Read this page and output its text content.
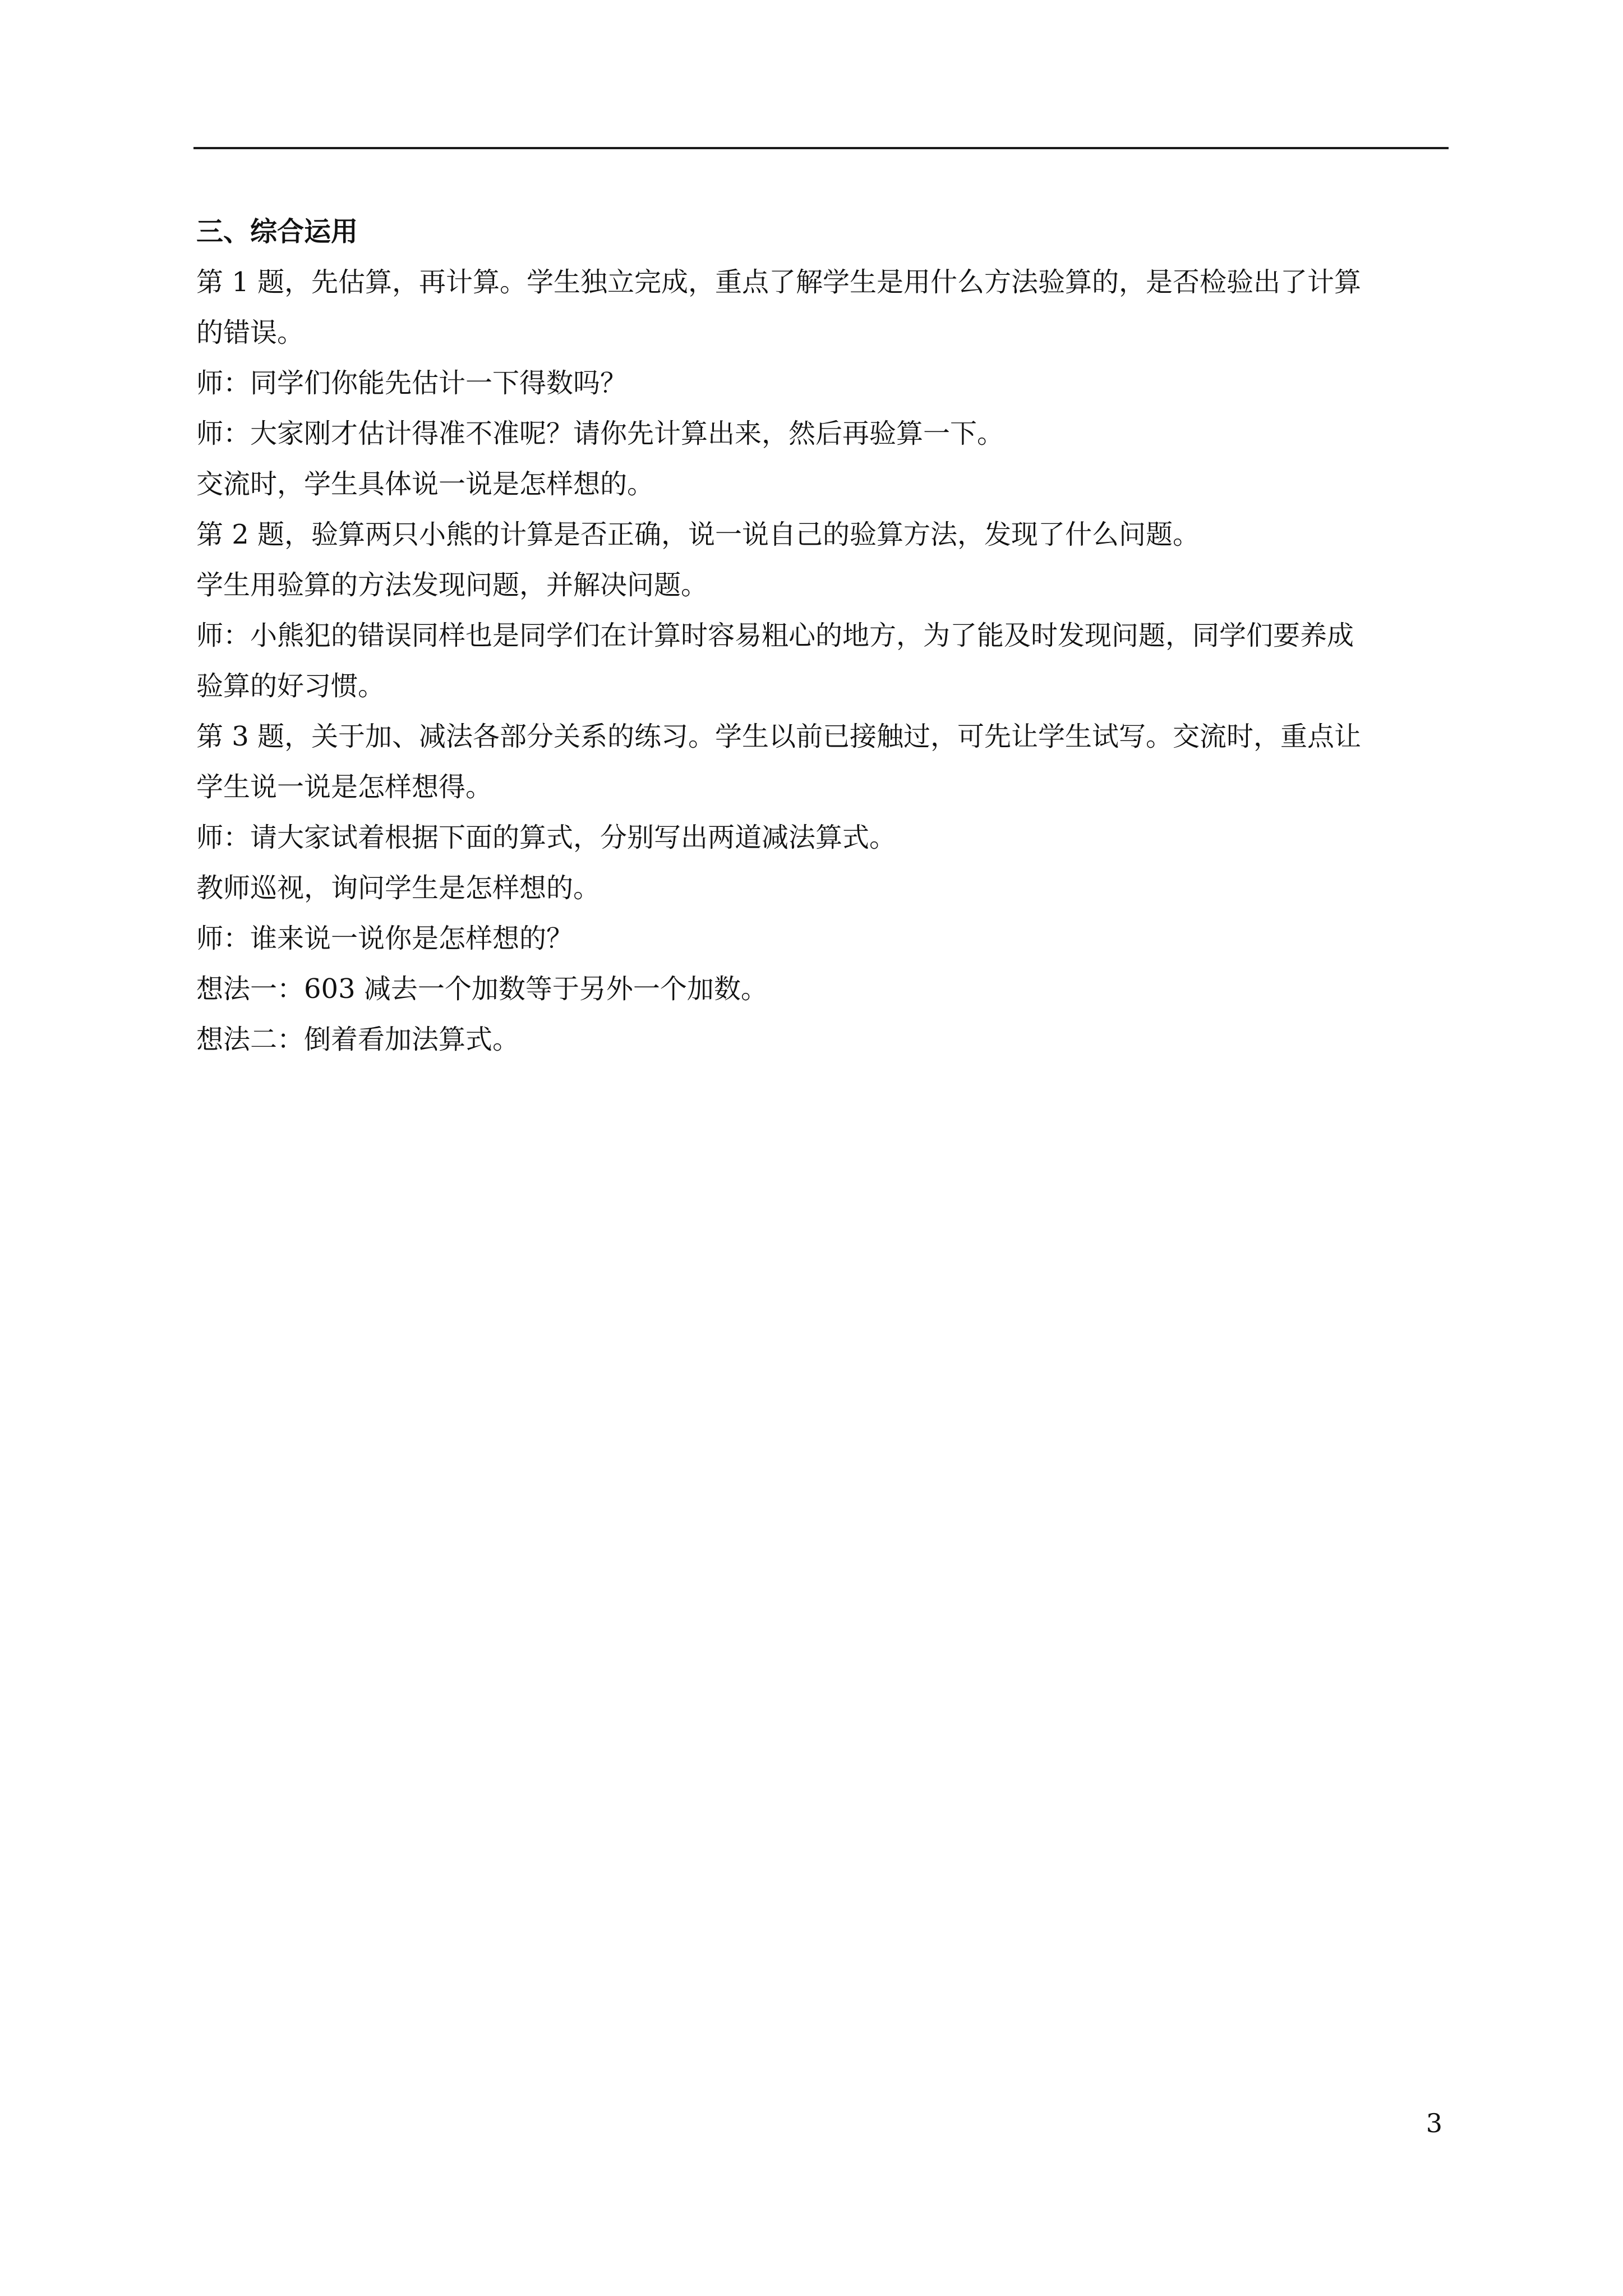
三、综合运用
第 1 题，先估算，再计算。学生独立完成，重点了解学生是用什么方法验算的，是否检验出了计算
的错误。
师：同学们你能先估计一下得数吗？
师：大家刚才估计得准不准呢？请你先计算出来，然后再验算一下。
交流时，学生具体说一说是怎样想的。
第 2 题，验算两只小熊的计算是否正确，说一说自己的验算方法，发现了什么问题。
学生用验算的方法发现问题，并解决问题。
师：小熊犯的错误同样也是同学们在计算时容易粗心的地方，为了能及时发现问题，同学们要养成
验算的好习惯。
第 3 题，关于加、减法各部分关系的练习。学生以前已接触过，可先让学生试写。交流时，重点让
学生说一说是怎样想得。
师：请大家试着根据下面的算式，分别写出两道减法算式。
教师巡视，询问学生是怎样想的。
师：谁来说一说你是怎样想的？
想法一：603 减去一个加数等于另外一个加数。
想法二：倒着看加法算式。
3
